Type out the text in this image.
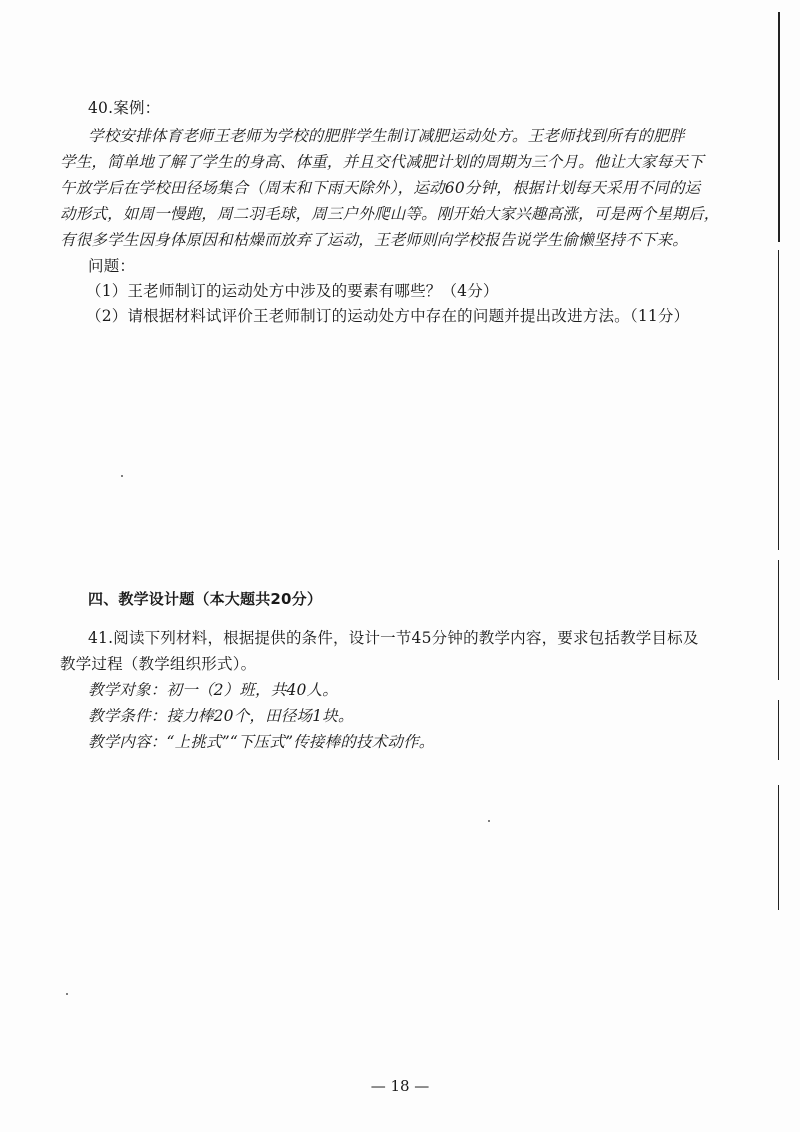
40.案例：
学校安排体育老师王老师为学校的肥胖学生制订减肥运动处方。王老师找到所有的肥胖
学生，简单地了解了学生的身高、体重，并且交代减肥计划的周期为三个月。他让大家每天下
午放学后在学校田径场集合（周末和下雨天除外），运动60分钟，根据计划每天采用不同的运
动形式，如周一慢跑，周二羽毛球，周三户外爬山等。刚开始大家兴趣高涨，可是两个星期后，
有很多学生因身体原因和枯燥而放弃了运动，王老师则向学校报告说学生偷懒坚持不下来。
问题：
（1）王老师制订的运动处方中涉及的要素有哪些？（4分）
（2）请根据材料试评价王老师制订的运动处方中存在的问题并提出改进方法。（11分）
四、教学设计题（本大题共20分）
41.阅读下列材料，根据提供的条件，设计一节45分钟的教学内容，要求包括教学目标及
教学过程（教学组织形式）。
教学对象：初一（2）班，共40人。
教学条件：接力棒20个，田径场1块。
教学内容：“上挑式”“下压式”传接棒的技术动作。
— 18 —
